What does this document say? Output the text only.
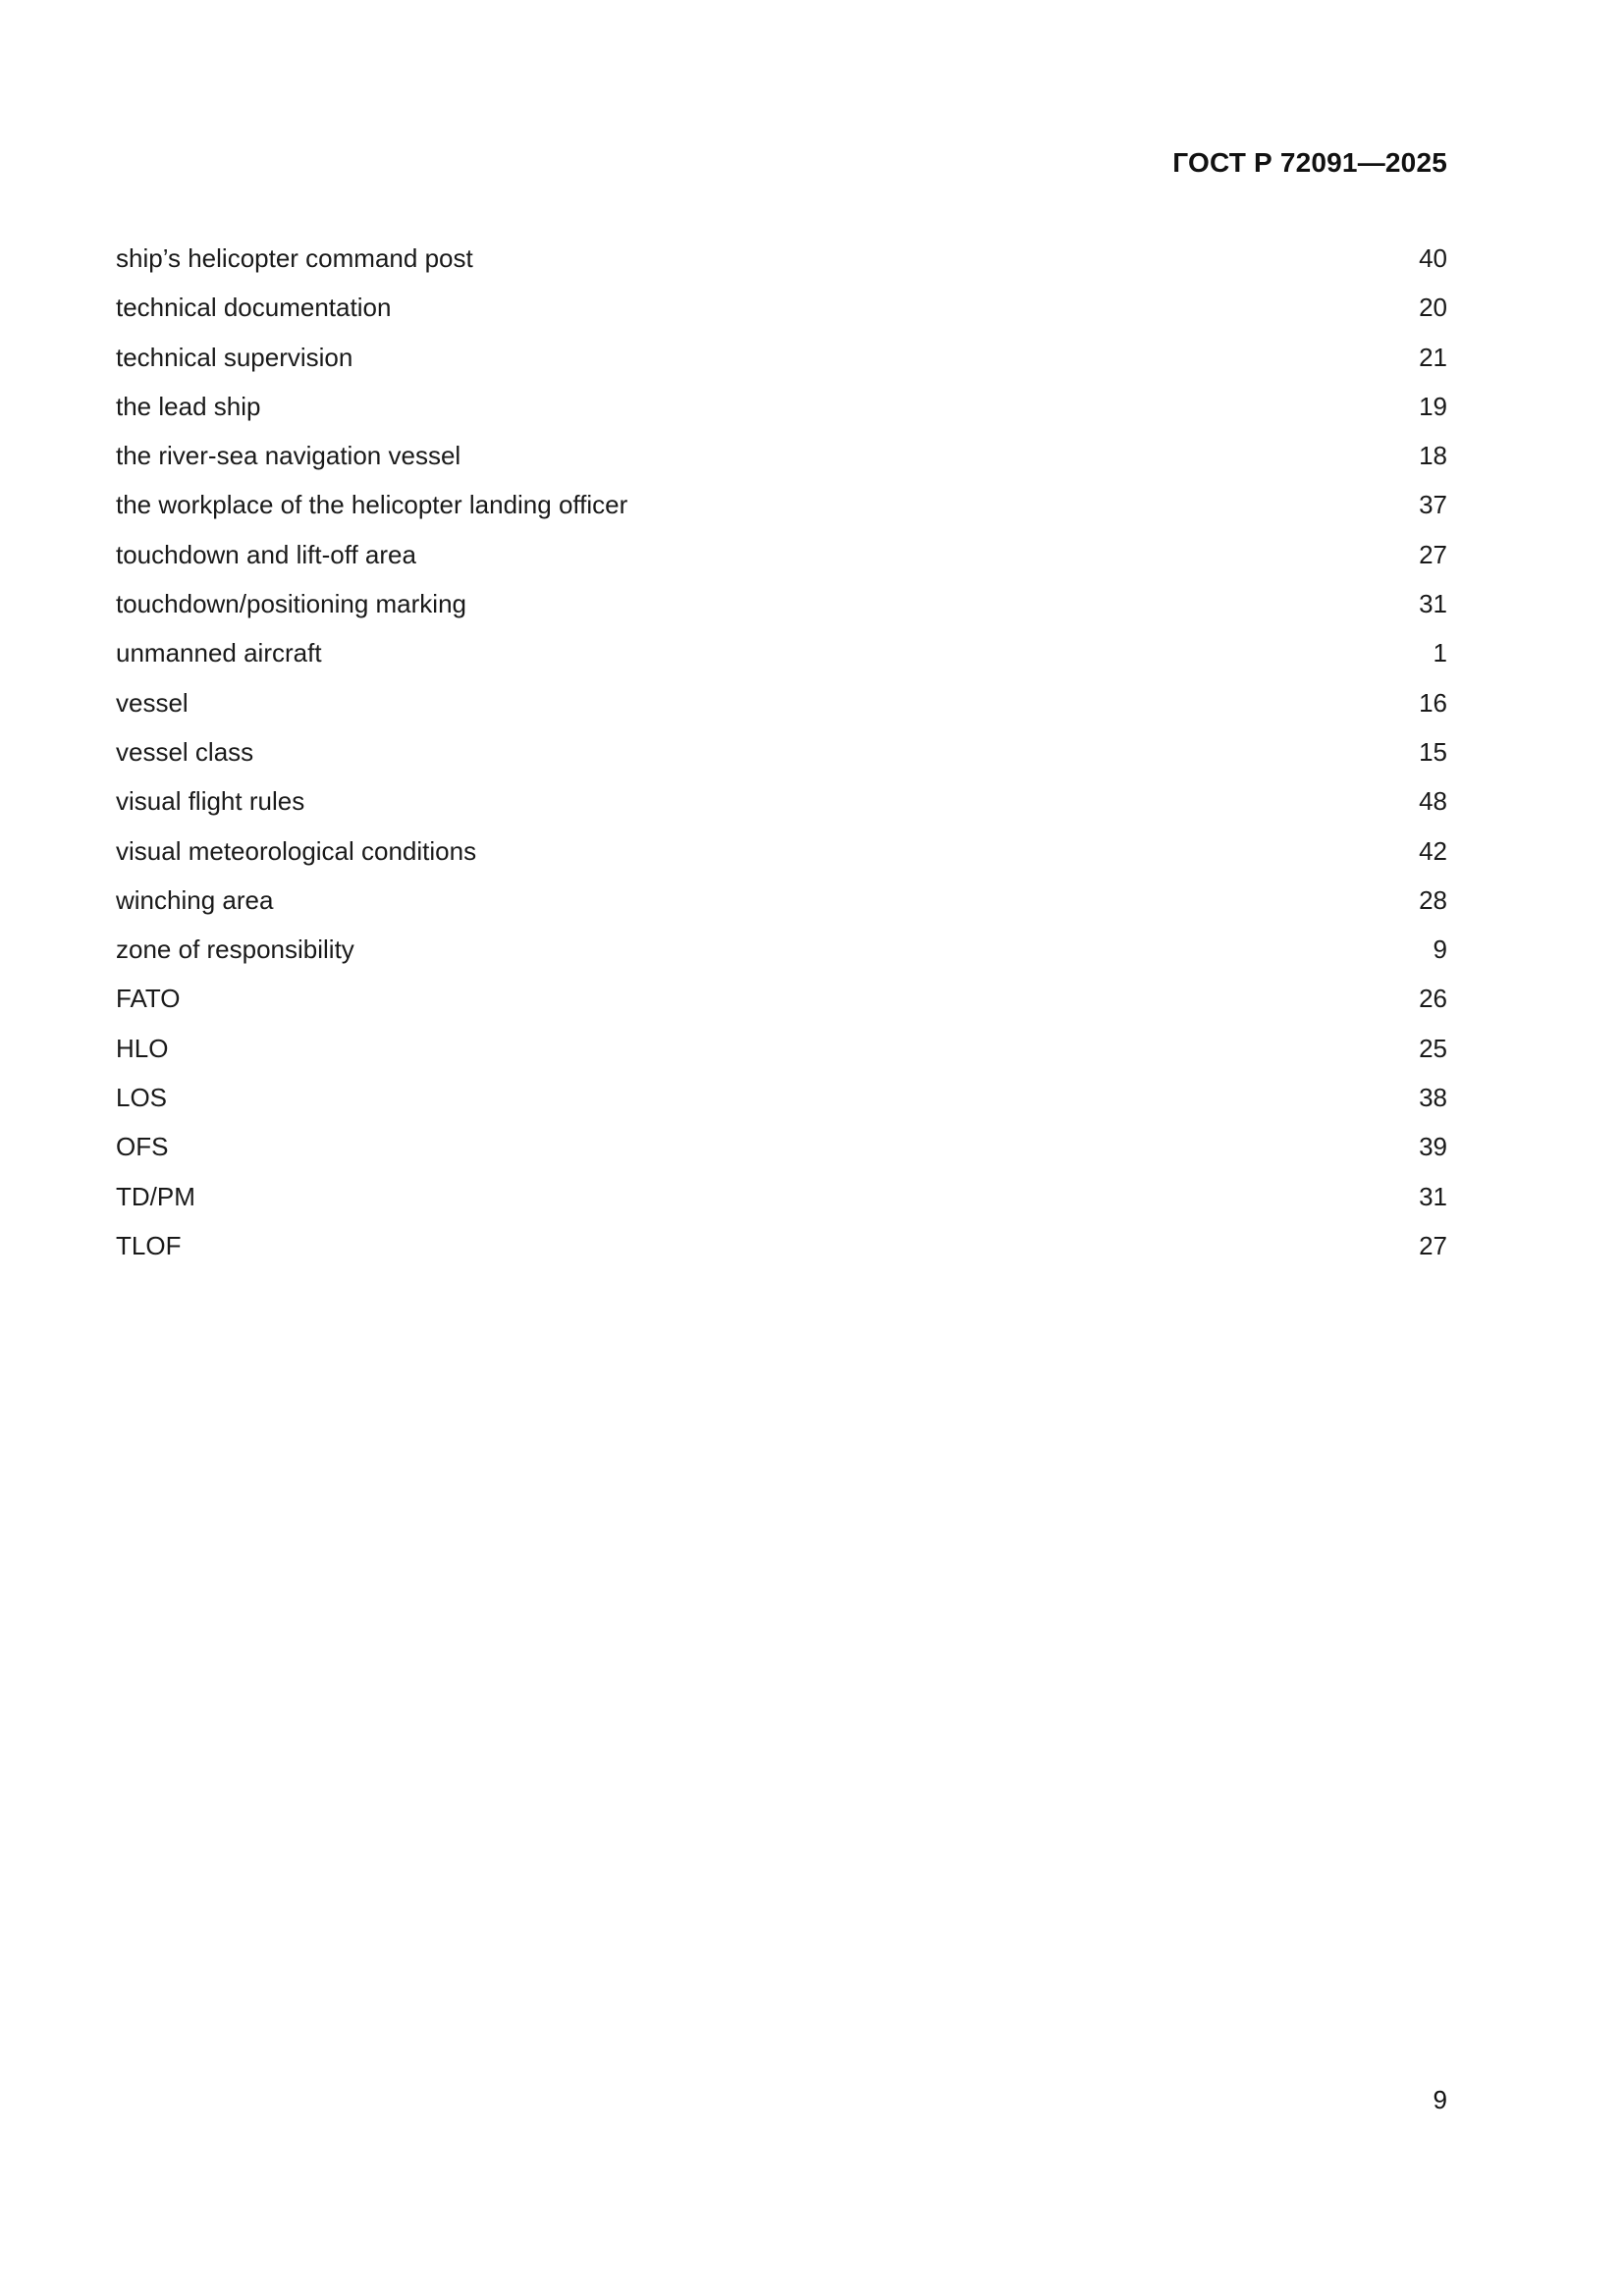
ГОСТ Р 72091—2025
ship’s helicopter command post	40
technical documentation	20
technical supervision	21
the lead ship	19
the river-sea navigation vessel	18
the workplace of the helicopter landing officer	37
touchdown and lift-off area	27
touchdown/positioning marking	31
unmanned aircraft	1
vessel	16
vessel class	15
visual flight rules	48
visual meteorological conditions	42
winching area	28
zone of responsibility	9
FATO	26
HLO	25
LOS	38
OFS	39
TD/PM	31
TLOF	27
9
